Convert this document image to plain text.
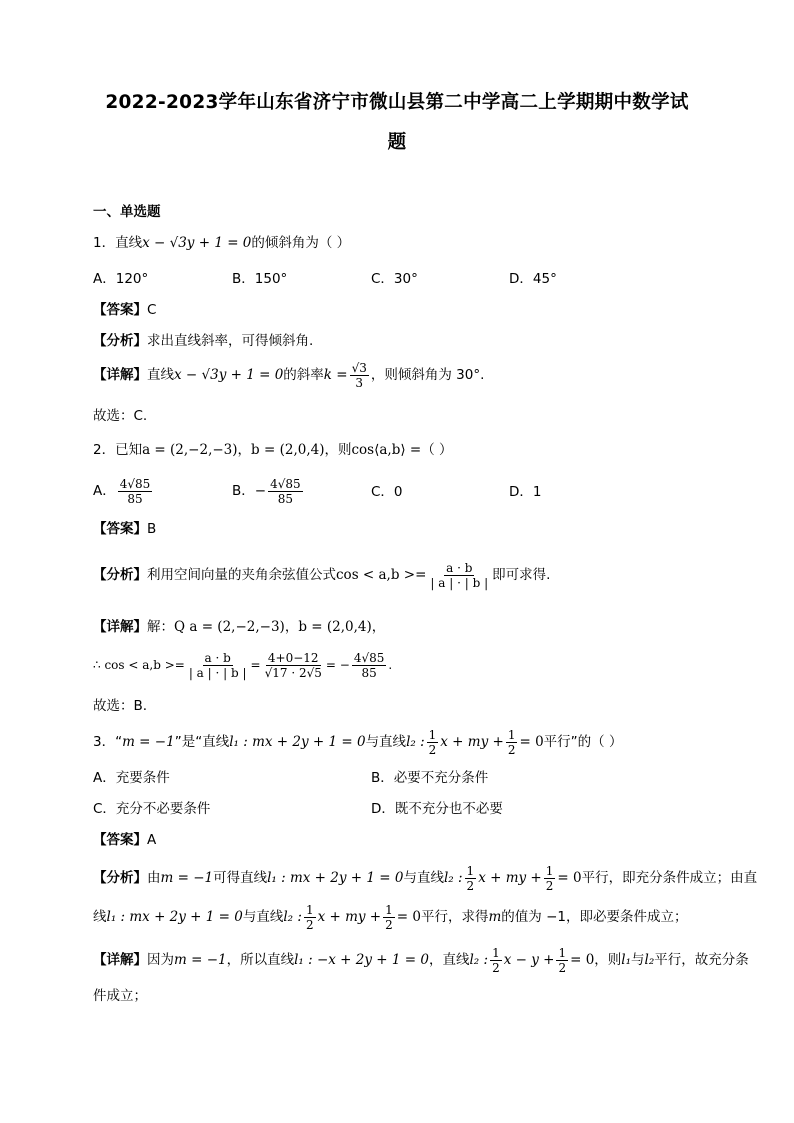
2022-2023学年山东省济宁市微山县第二中学高二上学期期中数学试
题
一、单选题
1．直线x − √3y + 1 = 0的倾斜角为（ ）
A．120°	B．150°	C．30°	D．45°
【答案】C
【分析】求出直线斜率，可得倾斜角.
【详解】直线x − √3y + 1 = 0的斜率$k = \frac{√3}{3}$ ，则倾斜角为 30°.
故选：C.
2．已知a = (2,−2,−3)，b = (2,0,4)，则cos⟨a,b⟩ =（ ）
A． $\frac{4√85}{85}$	B．− $\frac{4√85}{85}$	C．0	D．1
【答案】B
【分析】利用空间向量的夹角余弦值公式$\cos < a,b >= \frac{a \cdot b}{| a | \cdot | b |}$ 即可求得.
【详解】解：Q a = (2,−2,−3)，b = (2,0,4)，
∴ $\cos < a,b >= \frac{a \cdot b}{| a | \cdot | b |} = \frac{4+0-12}{√17 \cdot 2√5}$ = − $\frac{4√85}{85}$ .
故选：B.
3．“m = −1”是“直线l₁ : mx + 2y + 1 = 0与直线l₂ : $\frac{1}{2}$ x + my + $\frac{1}{2} = 0$平行”的（ ）
A．充要条件	B．必要不充分条件
C．充分不必要条件	D．既不充分也不必要
【答案】A
【分析】由m = −1可得直线l₁ : mx + 2y + 1 = 0与直线l₂ : $\frac{1}{2}$ x + my + $\frac{1}{2} = 0$平行，即充分条件成立；由直
线l₁ : mx + 2y + 1 = 0与直线l₂ : $\frac{1}{2}$ x + my + $\frac{1}{2} = 0$平行，求得m的值为 −1，即必要条件成立；
【详解】因为m = −1，所以直线l₁ : −x + 2y + 1 = 0，直线l₂ : $\frac{1}{2}$ $x - y + \frac{1}{2} = 0$，则l₁与l₂平行，故充分条
件成立；
